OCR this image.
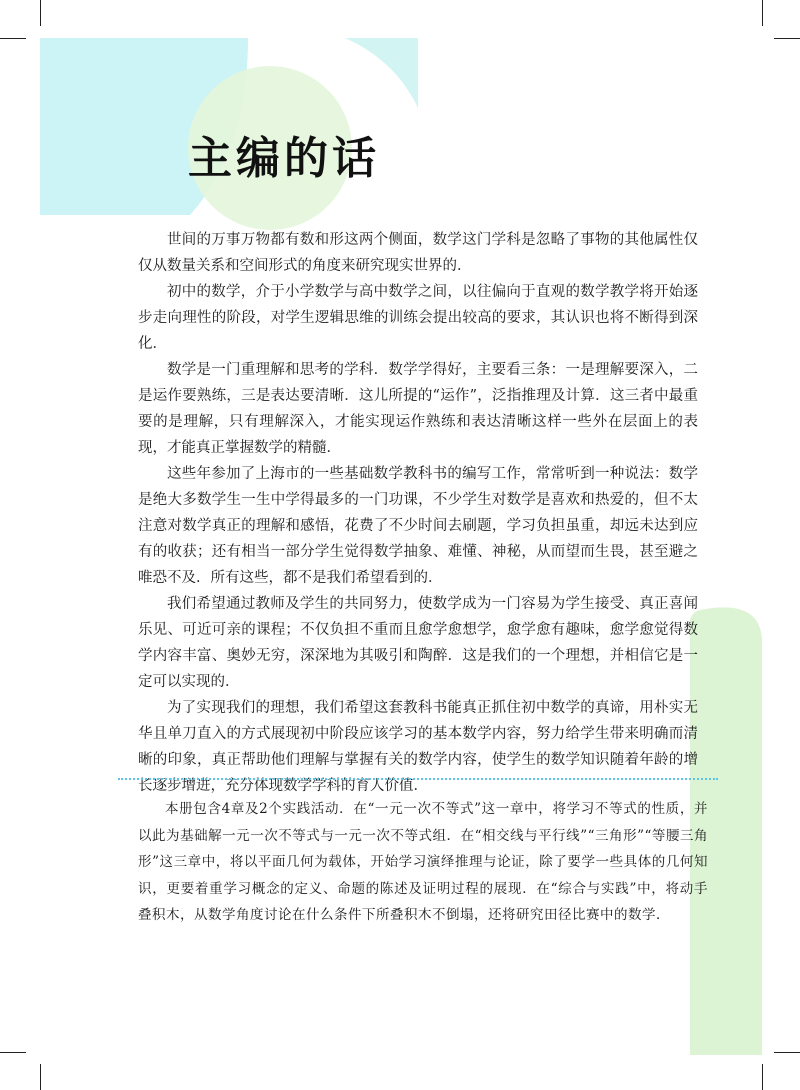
主编的话

世间的万事万物都有数和形这两个侧面，数学这门学科是忽略了事物的其他属性仅仅从数量关系和空间形式的角度来研究现实世界的．

初中的数学，介于小学数学与高中数学之间，以往偏向于直观的数学教学将开始逐步走向理性的阶段，对学生逻辑思维的训练会提出较高的要求，其认识也将不断得到深化．

数学是一门重理解和思考的学科．数学学得好，主要看三条：一是理解要深入，二是运作要熟练，三是表达要清晰．这儿所提的“运作”，泛指推理及计算．这三者中最重要的是理解，只有理解深入，才能实现运作熟练和表达清晰这样一些外在层面上的表现，才能真正掌握数学的精髓．

这些年参加了上海市的一些基础数学教科书的编写工作，常常听到一种说法：数学是绝大多数学生一生中学得最多的一门功课，不少学生对数学是喜欢和热爱的，但不太注意对数学真正的理解和感悟，花费了不少时间去刷题，学习负担虽重，却远未达到应有的收获；还有相当一部分学生觉得数学抽象、难懂、神秘，从而望而生畏，甚至避之唯恐不及．所有这些，都不是我们希望看到的．

我们希望通过教师及学生的共同努力，使数学成为一门容易为学生接受、真正喜闻乐见、可近可亲的课程；不仅负担不重而且愈学愈想学，愈学愈有趣味，愈学愈觉得数学内容丰富、奥妙无穷，深深地为其吸引和陶醉．这是我们的一个理想，并相信它是一定可以实现的．

为了实现我们的理想，我们希望这套教科书能真正抓住初中数学的真谛，用朴实无华且单刀直入的方式展现初中阶段应该学习的基本数学内容，努力给学生带来明确而清晰的印象，真正帮助他们理解与掌握有关的数学内容，使学生的数学知识随着年龄的增长逐步增进，充分体现数学学科的育人价值．

本册包含4章及2个实践活动．在“一元一次不等式”这一章中，将学习不等式的性质，并以此为基础解一元一次不等式与一元一次不等式组．在“相交线与平行线”“三角形”“等腰三角形”这三章中，将以平面几何为载体，开始学习演绎推理与论证，除了要学一些具体的几何知识，更要着重学习概念的定义、命题的陈述及证明过程的展现．在“综合与实践”中，将动手叠积木，从数学角度讨论在什么条件下所叠积木不倒塌，还将研究田径比赛中的数学．
